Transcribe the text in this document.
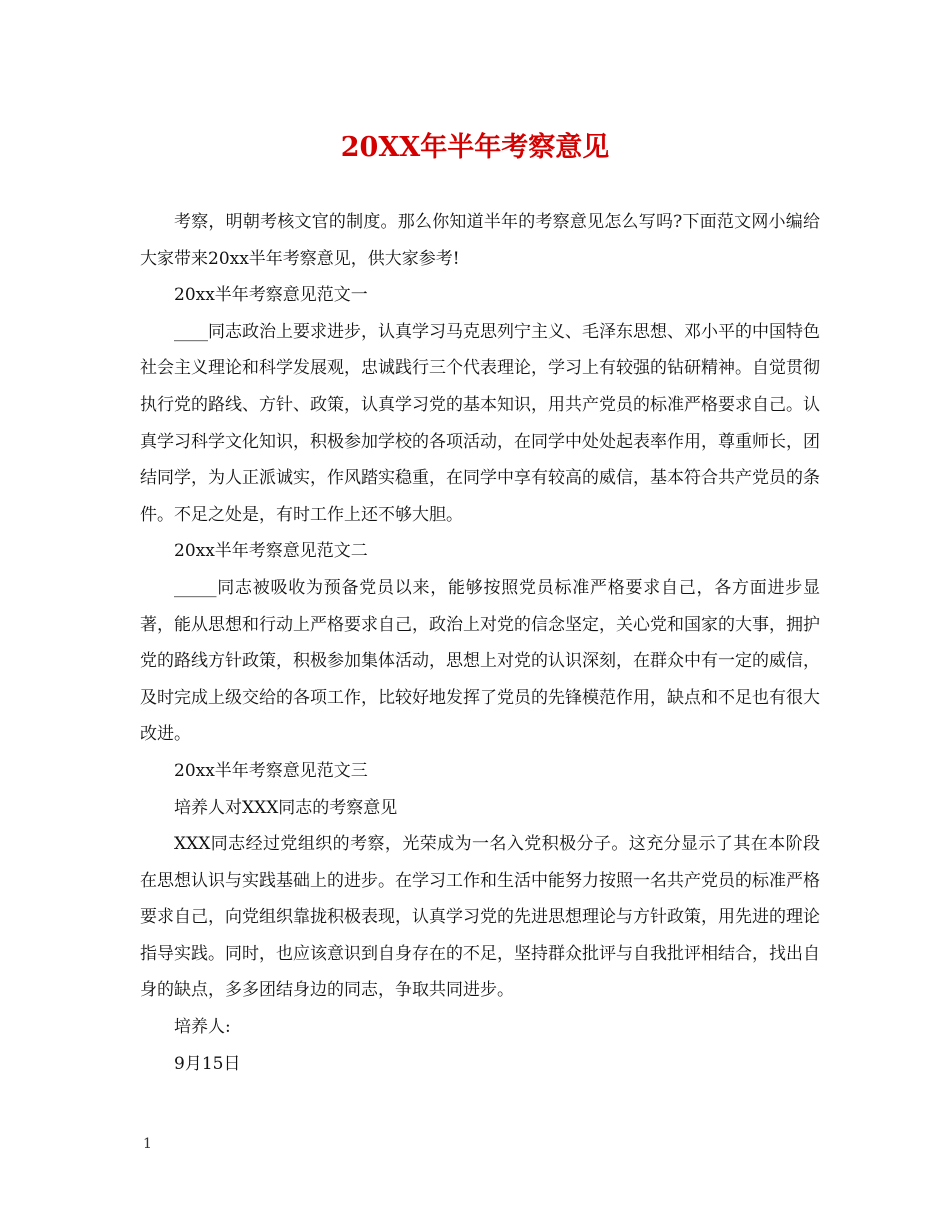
20XX年半年考察意见

考察，明朝考核文官的制度。那么你知道半年的考察意见怎么写吗?下面范文网小编给大家带来20xx半年考察意见，供大家参考!

20xx半年考察意见范文一

____同志政治上要求进步，认真学习马克思列宁主义、毛泽东思想、邓小平的中国特色社会主义理论和科学发展观，忠诚践行三个代表理论，学习上有较强的钻研精神。自觉贯彻执行党的路线、方针、政策，认真学习党的基本知识，用共产党员的标准严格要求自己。认真学习科学文化知识，积极参加学校的各项活动，在同学中处处起表率作用，尊重师长，团结同学，为人正派诚实，作风踏实稳重，在同学中享有较高的威信，基本符合共产党员的条件。不足之处是，有时工作上还不够大胆。

20xx半年考察意见范文二

_____同志被吸收为预备党员以来，能够按照党员标准严格要求自己，各方面进步显著，能从思想和行动上严格要求自己，政治上对党的信念坚定，关心党和国家的大事，拥护党的路线方针政策，积极参加集体活动，思想上对党的认识深刻，在群众中有一定的威信，及时完成上级交给的各项工作，比较好地发挥了党员的先锋模范作用，缺点和不足也有很大改进。

20xx半年考察意见范文三

培养人对XXX同志的考察意见

XXX同志经过党组织的考察，光荣成为一名入党积极分子。这充分显示了其在本阶段在思想认识与实践基础上的进步。在学习工作和生活中能努力按照一名共产党员的标准严格要求自己，向党组织靠拢积极表现，认真学习党的先进思想理论与方针政策，用先进的理论指导实践。同时，也应该意识到自身存在的不足，坚持群众批评与自我批评相结合，找出自身的缺点，多多团结身边的同志，争取共同进步。

培养人:

9月15日

1
